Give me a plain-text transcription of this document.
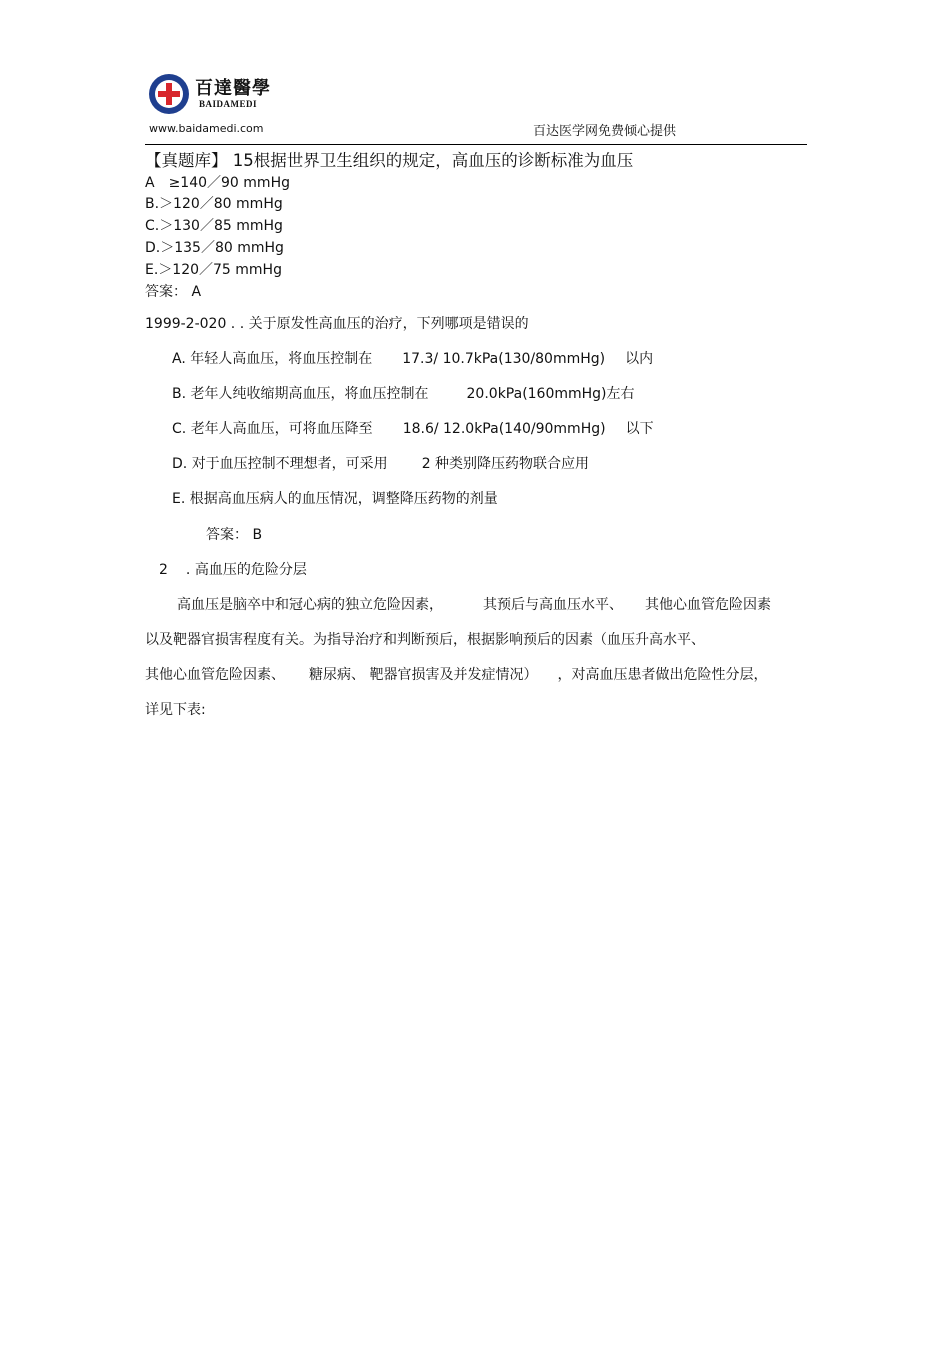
百達醫學
BAIDAMEDI
www.baidamedi.com	百达医学网免费倾心提供
【真题库】 15根据世界卫生组织的规定，高血压的诊断标准为血压
A　≥140／90 mmHg
B.＞120／80 mmHg
C.＞130／85 mmHg
D.＞135／80 mmHg
E.＞120／75 mmHg
答案： A
1999-2-020 . . 关于原发性高血压的治疗，下列哪项是错误的
A. 年轻人高血压，将血压控制在 17.3/ 10.7kPa(130/80mmHg) 以内
B. 老年人纯收缩期高血压，将血压控制在	20.0kPa(160mmHg)左右
C. 老年人高血压，可将血压降至 18.6/ 12.0kPa(140/90mmHg) 以下
D. 对于血压控制不理想者，可采用 2 种类别降压药物联合应用
E. 根据高血压病人的血压情况，调整降压药物的剂量
答案： B
2 . 高血压的危险分层
高血压是脑卒中和冠心病的独立危险因素，	其预后与高血压水平、 其他心血管危险因素
以及靶器官损害程度有关。为指导治疗和判断预后，根据影响预后的因素（血压升高水平、
其他心血管危险因素、 糖尿病、 靶器官损害及并发症情况） ，对高血压患者做出危险性分层，
详见下表:
